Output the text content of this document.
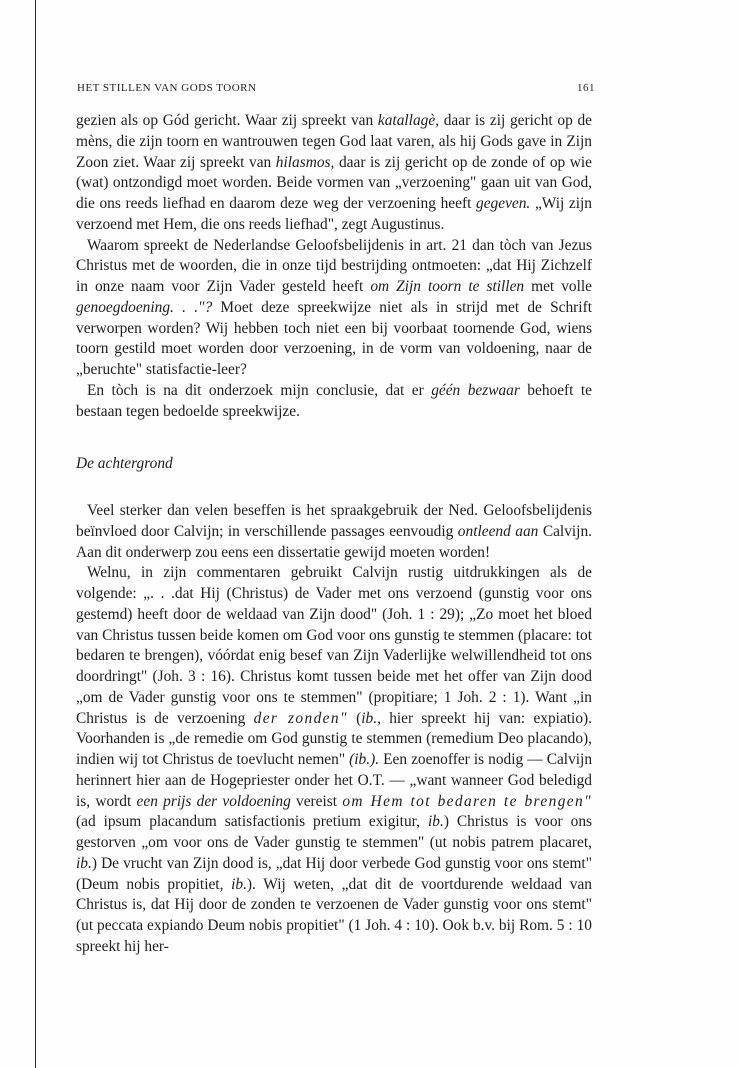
HET STILLEN VAN GODS TOORN	161

gezien als op Gód gericht. Waar zij spreekt van katallagè, daar is zij gericht op de mèns, die zijn toorn en wantrouwen tegen God laat varen, als hij Gods gave in Zijn Zoon ziet. Waar zij spreekt van hilasmos, daar is zij gericht op de zonde of op wie (wat) ontzondigd moet worden. Beide vormen van „verzoening" gaan uit van God, die ons reeds liefhad en daarom deze weg der verzoening heeft gegeven. „Wij zijn verzoend met Hem, die ons reeds liefhad", zegt Augustinus.

Waarom spreekt de Nederlandse Geloofsbelijdenis in art. 21 dan tòch van Jezus Christus met de woorden, die in onze tijd bestrijding ontmoeten: „dat Hij Zichzelf in onze naam voor Zijn Vader gesteld heeft om Zijn toorn te stillen met volle genoegdoening. . ."? Moet deze spreekwijze niet als in strijd met de Schrift verworpen worden? Wij hebben toch niet een bij voorbaat toornende God, wiens toorn gestild moet worden door verzoening, in de vorm van voldoening, naar de „beruchte" statisfactie-leer?

En tòch is na dit onderzoek mijn conclusie, dat er géén bezwaar behoeft te bestaan tegen bedoelde spreekwijze.

De achtergrond

Veel sterker dan velen beseffen is het spraakgebruik der Ned. Geloofsbelijdenis beïnvloed door Calvijn; in verschillende passages eenvoudig ontleend aan Calvijn. Aan dit onderwerp zou eens een dissertatie gewijd moeten worden!

Welnu, in zijn commentaren gebruikt Calvijn rustig uitdrukkingen als de volgende: „. . .dat Hij (Christus) de Vader met ons verzoend (gunstig voor ons gestemd) heeft door de weldaad van Zijn dood" (Joh. 1 : 29); „Zo moet het bloed van Christus tussen beide komen om God voor ons gunstig te stemmen (placare: tot bedaren te brengen), vóórdat enig besef van Zijn Vaderlijke welwillendheid tot ons doordringt" (Joh. 3 : 16). Christus komt tussen beide met het offer van Zijn dood „om de Vader gunstig voor ons te stemmen" (propitiare; 1 Joh. 2 : 1). Want „in Christus is de verzoening der zonden" (ib., hier spreekt hij van: expiatio). Voorhanden is „de remedie om God gunstig te stemmen (remedium Deo placando), indien wij tot Christus de toevlucht nemen" (ib.). Een zoenoffer is nodig — Calvijn herinnert hier aan de Hogepriester onder het O.T. — „want wanneer God beledigd is, wordt een prijs der voldoening vereist om Hem tot bedaren te brengen" (ad ipsum placandum satisfactionis pretium exigitur, ib.) Christus is voor ons gestorven „om voor ons de Vader gunstig te stemmen" (ut nobis patrem placaret, ib.) De vrucht van Zijn dood is, „dat Hij door verbede God gunstig voor ons stemt" (Deum nobis propitiet, ib.). Wij weten, „dat dit de voortdurende weldaad van Christus is, dat Hij door de zonden te verzoenen de Vader gunstig voor ons stemt" (ut peccata expiando Deum nobis propitiet" (1 Joh. 4 : 10). Ook b.v. bij Rom. 5 : 10 spreekt hij her-
